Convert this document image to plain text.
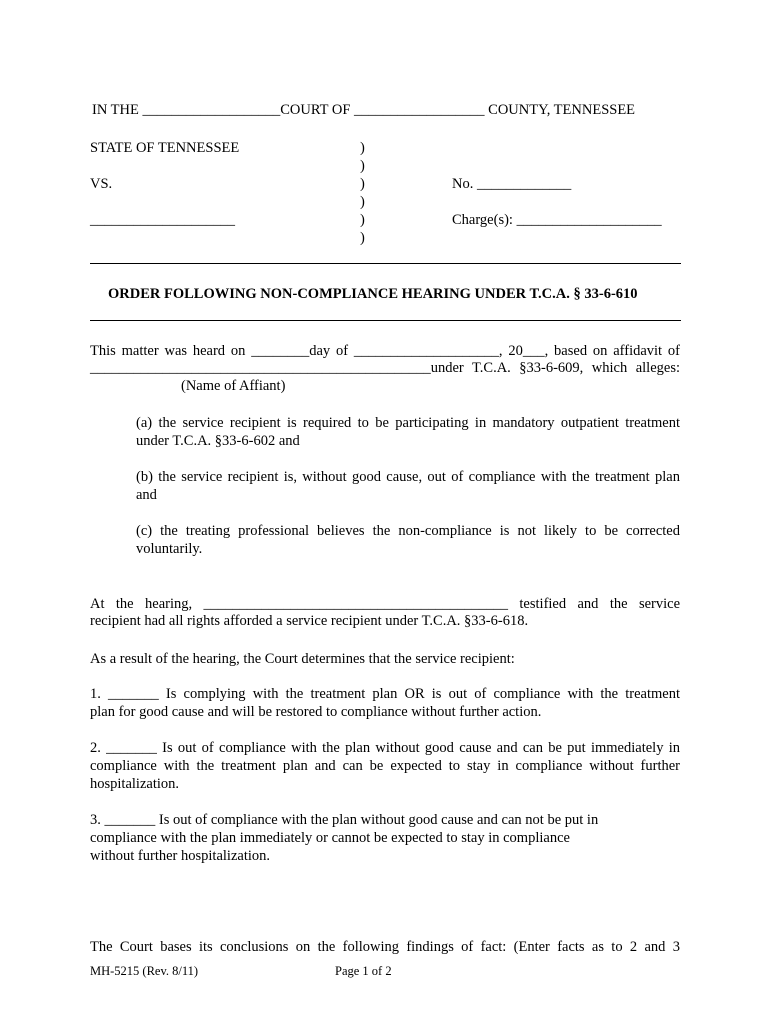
IN THE ___________________COURT OF __________________ COUNTY, TENNESSEE
STATE OF TENNESSEE
VS.
____________________
)
)
)
)
)
)
No. _____________
Charge(s): ____________________
ORDER FOLLOWING NON-COMPLIANCE HEARING UNDER T.C.A. § 33-6-610
This matter was heard on ________day of ____________________, 20___, based on affidavit of
_______________________________________________under T.C.A. §33-6-609, which alleges:
(Name of Affiant)
(a) the service recipient is required to be participating in mandatory outpatient treatment
under T.C.A. §33-6-602 and
(b) the service recipient is, without good cause, out of compliance with the treatment plan
and
(c) the treating professional believes the non-compliance is not likely to be corrected
voluntarily.
At the hearing, __________________________________________ testified and the service
recipient had all rights afforded a service recipient under T.C.A. §33-6-618.
As a result of the hearing, the Court determines that the service recipient:
1. _______ Is complying with the treatment plan OR is out of compliance with the treatment
plan for good cause and will be restored to compliance without further action.
2. _______ Is out of compliance with the plan without good cause and can be put immediately in
compliance with the treatment plan and can be expected to stay in compliance without further
hospitalization.
3. _______ Is out of compliance with the plan without good cause and can not be put in
compliance with the plan immediately or cannot be expected to stay in compliance
without further hospitalization.
The Court bases its conclusions on the following findings of fact: (Enter facts as to 2 and 3
MH-5215 (Rev. 8/11)	Page 1 of 2
